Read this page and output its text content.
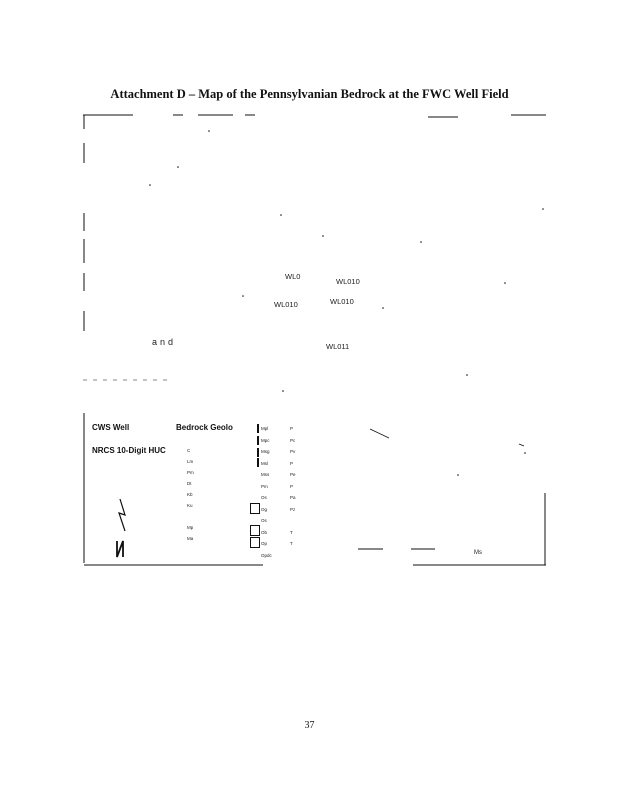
Attachment D – Map of the Pennsylvanian Bedrock at the FWC Well Field
WL0
WL010
WL010	WL010
WL011
and
CWS Well	Bedrock Geolo
NRCS 10-Digit HUC	C
Lm
Pm
Dt
Kb
Ku
Mp
Ma
Mpl
Mpc
Msg
Msl
Mss
Pm
Os
Og
Os
Ob
Op
Opdc
P
Pc
Pv
P
Pe
P
Pa
Pz
T
T
Ms
37
